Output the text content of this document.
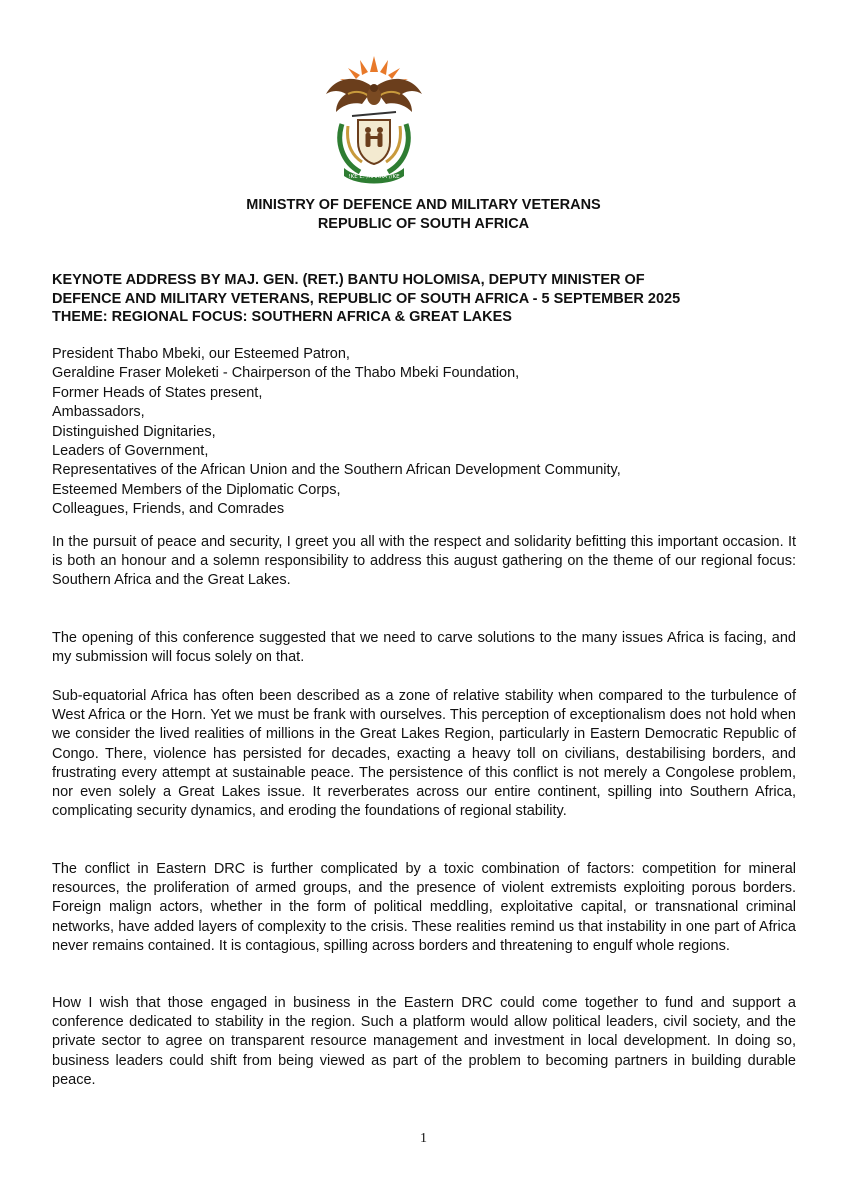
!KE E: /XARRA //KE
MINISTRY OF DEFENCE AND MILITARY VETERANS
REPUBLIC OF SOUTH AFRICA
KEYNOTE ADDRESS BY MAJ. GEN. (RET.) BANTU HOLOMISA, DEPUTY MINISTER OF
DEFENCE AND MILITARY VETERANS, REPUBLIC OF SOUTH AFRICA - 5 SEPTEMBER 2025
THEME: REGIONAL FOCUS: SOUTHERN AFRICA & GREAT LAKES
President Thabo Mbeki, our Esteemed Patron,
Geraldine Fraser Moleketi - Chairperson of the Thabo Mbeki Foundation,
Former Heads of States present,
Ambassadors,
Distinguished Dignitaries,
Leaders of Government,
Representatives of the African Union and the Southern African Development Community,
Esteemed Members of the Diplomatic Corps,
Colleagues, Friends, and Comrades

In the pursuit of peace and security, I greet you all with the respect and solidarity befitting this important occasion. It is both an honour and a solemn responsibility to address this august gathering on the theme of our regional focus: Southern Africa and the Great Lakes.

The opening of this conference suggested that we need to carve solutions to the many issues Africa is facing, and my submission will focus solely on that.

Sub-equatorial Africa has often been described as a zone of relative stability when compared to the turbulence of West Africa or the Horn. Yet we must be frank with ourselves. This perception of exceptionalism does not hold when we consider the lived realities of millions in the Great Lakes Region, particularly in Eastern Democratic Republic of Congo. There, violence has persisted for decades, exacting a heavy toll on civilians, destabilising borders, and frustrating every attempt at sustainable peace. The persistence of this conflict is not merely a Congolese problem, nor even solely a Great Lakes issue. It reverberates across our entire continent, spilling into Southern Africa, complicating security dynamics, and eroding the foundations of regional stability.

The conflict in Eastern DRC is further complicated by a toxic combination of factors: competition for mineral resources, the proliferation of armed groups, and the presence of violent extremists exploiting porous borders. Foreign malign actors, whether in the form of political meddling, exploitative capital, or transnational criminal networks, have added layers of complexity to the crisis. These realities remind us that instability in one part of Africa never remains contained. It is contagious, spilling across borders and threatening to engulf whole regions.

How I wish that those engaged in business in the Eastern DRC could come together to fund and support a conference dedicated to stability in the region. Such a platform would allow political leaders, civil society, and the private sector to agree on transparent resource management and investment in local development. In doing so, business leaders could shift from being viewed as part of the problem to becoming partners in building durable peace.

1
